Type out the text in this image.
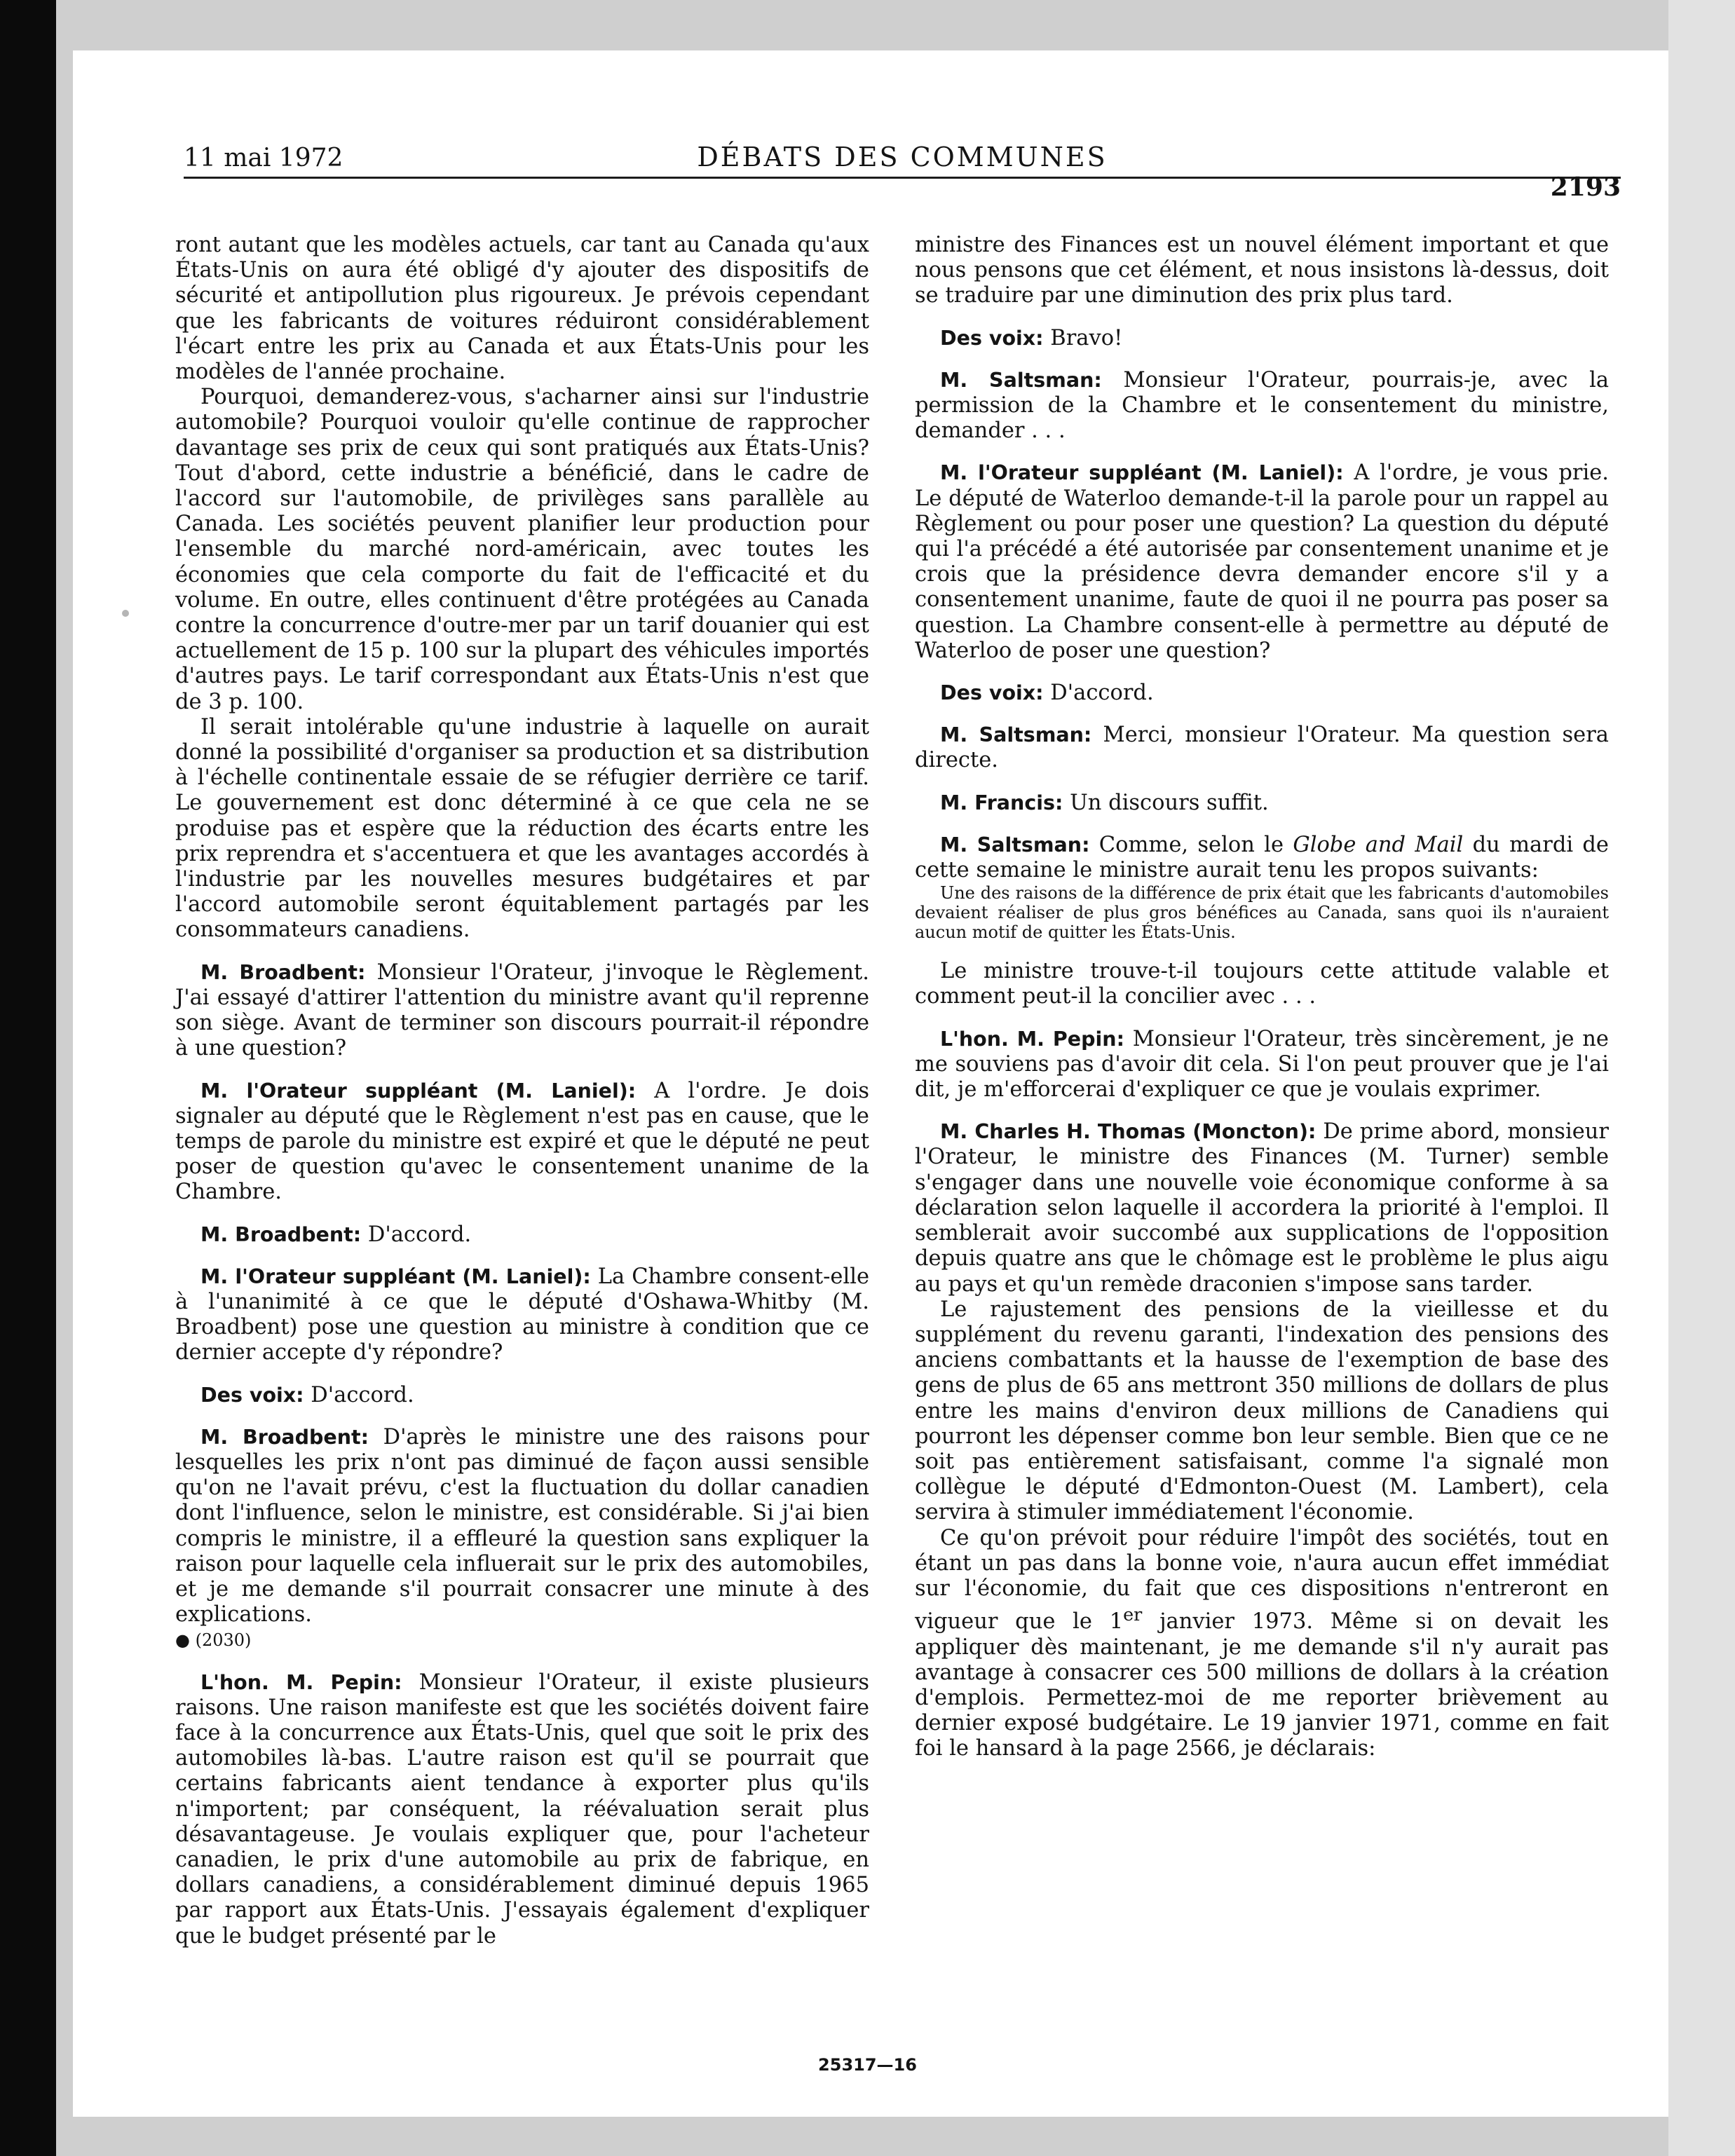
11 mai 1972	DÉBATS DES COMMUNES
2193

ront autant que les modèles actuels, car tant au Canada qu'aux États-Unis on aura été obligé d'y ajouter des dispositifs de sécurité et antipollution plus rigoureux. Je prévois cependant que les fabricants de voitures réduiront considérablement l'écart entre les prix au Canada et aux États-Unis pour les modèles de l'année prochaine.

Pourquoi, demanderez-vous, s'acharner ainsi sur l'industrie automobile? Pourquoi vouloir qu'elle continue de rapprocher davantage ses prix de ceux qui sont pratiqués aux États-Unis? Tout d'abord, cette industrie a bénéficié, dans le cadre de l'accord sur l'automobile, de privilèges sans parallèle au Canada. Les sociétés peuvent planifier leur production pour l'ensemble du marché nord-américain, avec toutes les économies que cela comporte du fait de l'efficacité et du volume. En outre, elles continuent d'être protégées au Canada contre la concurrence d'outre-mer par un tarif douanier qui est actuellement de 15 p. 100 sur la plupart des véhicules importés d'autres pays. Le tarif correspondant aux États-Unis n'est que de 3 p. 100.

Il serait intolérable qu'une industrie à laquelle on aurait donné la possibilité d'organiser sa production et sa distribution à l'échelle continentale essaie de se réfugier derrière ce tarif. Le gouvernement est donc déterminé à ce que cela ne se produise pas et espère que la réduction des écarts entre les prix reprendra et s'accentuera et que les avantages accordés à l'industrie par les nouvelles mesures budgétaires et par l'accord automobile seront équitablement partagés par les consommateurs canadiens.

M. Broadbent: Monsieur l'Orateur, j'invoque le Règlement. J'ai essayé d'attirer l'attention du ministre avant qu'il reprenne son siège. Avant de terminer son discours pourrait-il répondre à une question?

M. l'Orateur suppléant (M. Laniel): A l'ordre. Je dois signaler au député que le Règlement n'est pas en cause, que le temps de parole du ministre est expiré et que le député ne peut poser de question qu'avec le consentement unanime de la Chambre.

M. Broadbent: D'accord.

M. l'Orateur suppléant (M. Laniel): La Chambre consent-elle à l'unanimité à ce que le député d'Oshawa-Whitby (M. Broadbent) pose une question au ministre à condition que ce dernier accepte d'y répondre?

Des voix: D'accord.

M. Broadbent: D'après le ministre une des raisons pour lesquelles les prix n'ont pas diminué de façon aussi sensible qu'on ne l'avait prévu, c'est la fluctuation du dollar canadien dont l'influence, selon le ministre, est considérable. Si j'ai bien compris le ministre, il a effleuré la question sans expliquer la raison pour laquelle cela influerait sur le prix des automobiles, et je me demande s'il pourrait consacrer une minute à des explications.

● (2030)

L'hon. M. Pepin: Monsieur l'Orateur, il existe plusieurs raisons. Une raison manifeste est que les sociétés doivent faire face à la concurrence aux États-Unis, quel que soit le prix des automobiles là-bas. L'autre raison est qu'il se pourrait que certains fabricants aient tendance à exporter plus qu'ils n'importent; par conséquent, la réévaluation serait plus désavantageuse. Je voulais expliquer que, pour l'acheteur canadien, le prix d'une automobile au prix de fabrique, en dollars canadiens, a considérablement diminué depuis 1965 par rapport aux États-Unis. J'essayais également d'expliquer que le budget présenté par le

ministre des Finances est un nouvel élément important et que nous pensons que cet élément, et nous insistons là-dessus, doit se traduire par une diminution des prix plus tard.

Des voix: Bravo!

M. Saltsman: Monsieur l'Orateur, pourrais-je, avec la permission de la Chambre et le consentement du ministre, demander . . .

M. l'Orateur suppléant (M. Laniel): A l'ordre, je vous prie. Le député de Waterloo demande-t-il la parole pour un rappel au Règlement ou pour poser une question? La question du député qui l'a précédé a été autorisée par consentement unanime et je crois que la présidence devra demander encore s'il y a consentement unanime, faute de quoi il ne pourra pas poser sa question. La Chambre consent-elle à permettre au député de Waterloo de poser une question?

Des voix: D'accord.

M. Saltsman: Merci, monsieur l'Orateur. Ma question sera directe.

M. Francis: Un discours suffit.

M. Saltsman: Comme, selon le Globe and Mail du mardi de cette semaine le ministre aurait tenu les propos suivants:

Une des raisons de la différence de prix était que les fabricants d'automobiles devaient réaliser de plus gros bénéfices au Canada, sans quoi ils n'auraient aucun motif de quitter les États-Unis.

Le ministre trouve-t-il toujours cette attitude valable et comment peut-il la concilier avec . . .

L'hon. M. Pepin: Monsieur l'Orateur, très sincèrement, je ne me souviens pas d'avoir dit cela. Si l'on peut prouver que je l'ai dit, je m'efforcerai d'expliquer ce que je voulais exprimer.

M. Charles H. Thomas (Moncton): De prime abord, monsieur l'Orateur, le ministre des Finances (M. Turner) semble s'engager dans une nouvelle voie économique conforme à sa déclaration selon laquelle il accordera la priorité à l'emploi. Il semblerait avoir succombé aux supplications de l'opposition depuis quatre ans que le chômage est le problème le plus aigu au pays et qu'un remède draconien s'impose sans tarder.

Le rajustement des pensions de la vieillesse et du supplément du revenu garanti, l'indexation des pensions des anciens combattants et la hausse de l'exemption de base des gens de plus de 65 ans mettront 350 millions de dollars de plus entre les mains d'environ deux millions de Canadiens qui pourront les dépenser comme bon leur semble. Bien que ce ne soit pas entièrement satisfaisant, comme l'a signalé mon collègue le député d'Edmonton-Ouest (M. Lambert), cela servira à stimuler immédiatement l'économie.

Ce qu'on prévoit pour réduire l'impôt des sociétés, tout en étant un pas dans la bonne voie, n'aura aucun effet immédiat sur l'économie, du fait que ces dispositions n'entreront en vigueur que le 1er janvier 1973. Même si on devait les appliquer dès maintenant, je me demande s'il n'y aurait pas avantage à consacrer ces 500 millions de dollars à la création d'emplois. Permettez-moi de me reporter brièvement au dernier exposé budgétaire. Le 19 janvier 1971, comme en fait foi le hansard à la page 2566, je déclarais:

25317—16
